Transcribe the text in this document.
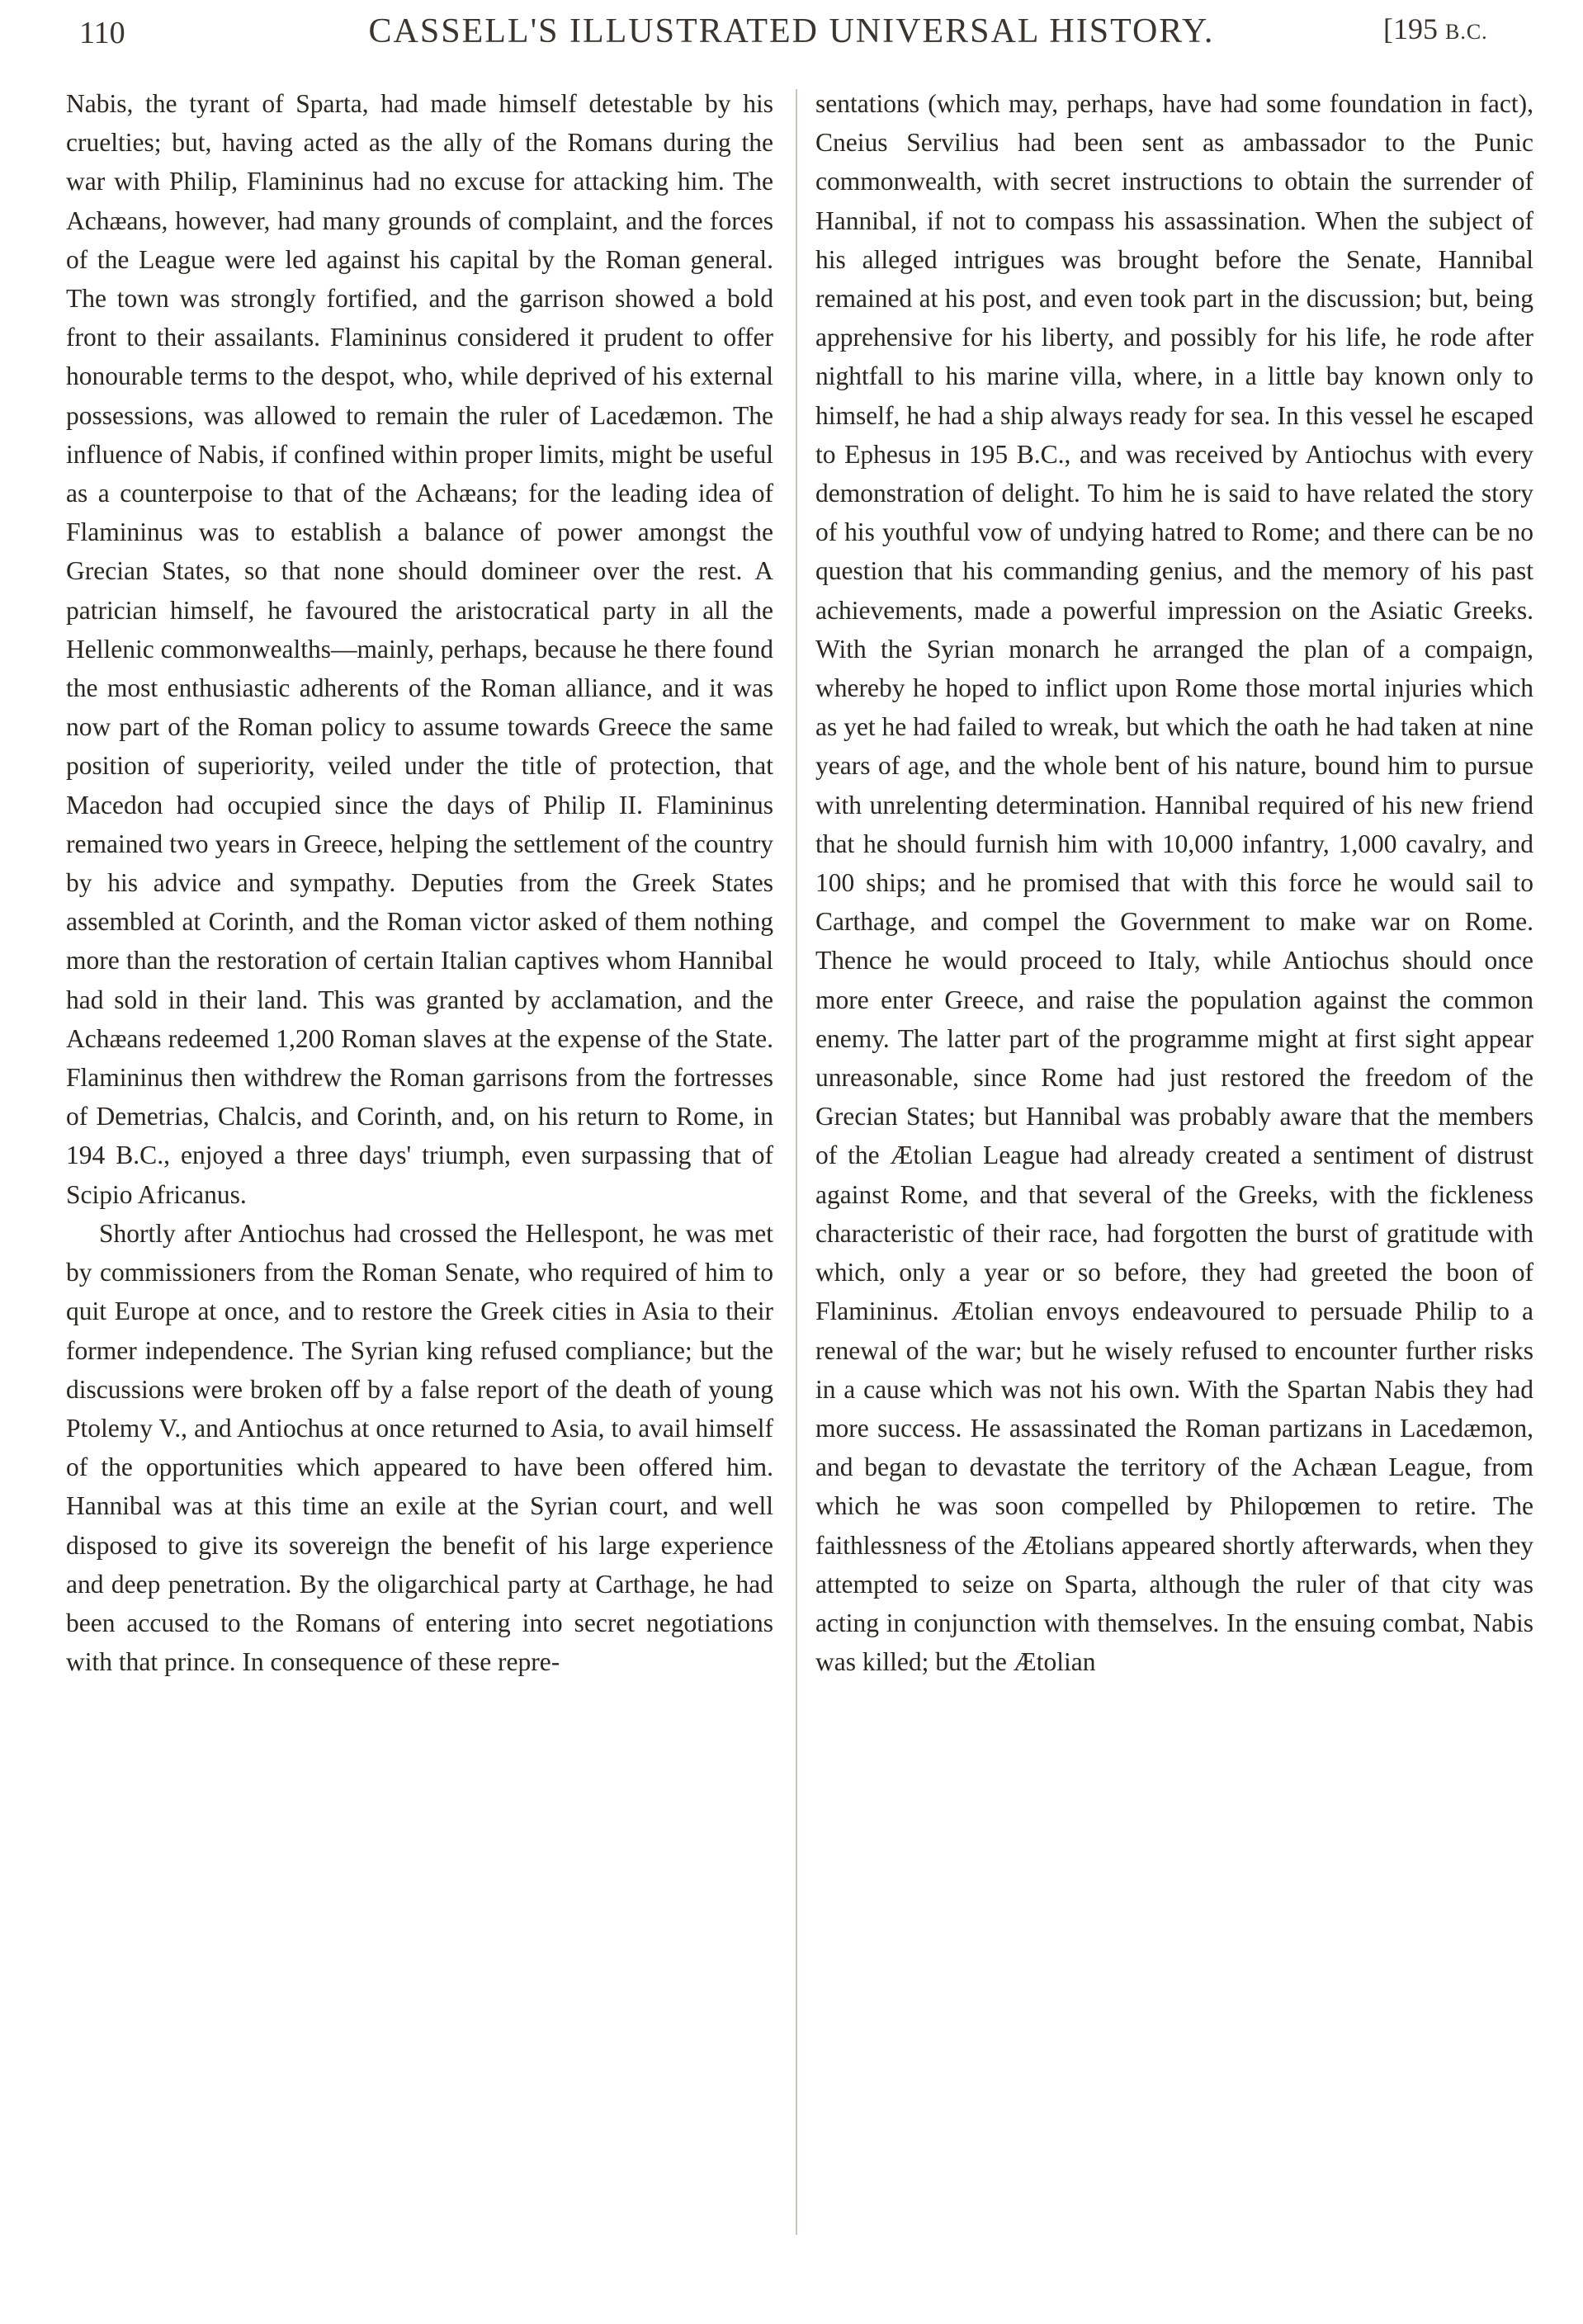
110	CASSELL'S ILLUSTRATED UNIVERSAL HISTORY.	[195 B.C.

Nabis, the tyrant of Sparta, had made himself detestable by his cruelties; but, having acted as the ally of the Romans during the war with Philip, Flamininus had no excuse for attacking him. The Achæans, however, had many grounds of complaint, and the forces of the League were led against his capital by the Roman general. The town was strongly fortified, and the garrison showed a bold front to their assailants. Flamininus considered it prudent to offer honourable terms to the despot, who, while deprived of his external possessions, was allowed to remain the ruler of Lacedæmon. The influence of Nabis, if confined within proper limits, might be useful as a counterpoise to that of the Achæans; for the leading idea of Flamininus was to establish a balance of power amongst the Grecian States, so that none should domineer over the rest. A patrician himself, he favoured the aristocratical party in all the Hellenic commonwealths—mainly, perhaps, because he there found the most enthusiastic adherents of the Roman alliance, and it was now part of the Roman policy to assume towards Greece the same position of superiority, veiled under the title of protection, that Macedon had occupied since the days of Philip II. Flamininus remained two years in Greece, helping the settlement of the country by his advice and sympathy. Deputies from the Greek States assembled at Corinth, and the Roman victor asked of them nothing more than the restoration of certain Italian captives whom Hannibal had sold in their land. This was granted by acclamation, and the Achæans redeemed 1,200 Roman slaves at the expense of the State. Flamininus then withdrew the Roman garrisons from the fortresses of Demetrias, Chalcis, and Corinth, and, on his return to Rome, in 194 B.C., enjoyed a three days' triumph, even surpassing that of Scipio Africanus.

Shortly after Antiochus had crossed the Hellespont, he was met by commissioners from the Roman Senate, who required of him to quit Europe at once, and to restore the Greek cities in Asia to their former independence. The Syrian king refused compliance; but the discussions were broken off by a false report of the death of young Ptolemy V., and Antiochus at once returned to Asia, to avail himself of the opportunities which appeared to have been offered him. Hannibal was at this time an exile at the Syrian court, and well disposed to give its sovereign the benefit of his large experience and deep penetration. By the oligarchical party at Carthage, he had been accused to the Romans of entering into secret negotiations with that prince. In consequence of these repre-

sentations (which may, perhaps, have had some foundation in fact), Cneius Servilius had been sent as ambassador to the Punic commonwealth, with secret instructions to obtain the surrender of Hannibal, if not to compass his assassination. When the subject of his alleged intrigues was brought before the Senate, Hannibal remained at his post, and even took part in the discussion; but, being apprehensive for his liberty, and possibly for his life, he rode after nightfall to his marine villa, where, in a little bay known only to himself, he had a ship always ready for sea. In this vessel he escaped to Ephesus in 195 B.C., and was received by Antiochus with every demonstration of delight. To him he is said to have related the story of his youthful vow of undying hatred to Rome; and there can be no question that his commanding genius, and the memory of his past achievements, made a powerful impression on the Asiatic Greeks. With the Syrian monarch he arranged the plan of a compaign, whereby he hoped to inflict upon Rome those mortal injuries which as yet he had failed to wreak, but which the oath he had taken at nine years of age, and the whole bent of his nature, bound him to pursue with unrelenting determination. Hannibal required of his new friend that he should furnish him with 10,000 infantry, 1,000 cavalry, and 100 ships; and he promised that with this force he would sail to Carthage, and compel the Government to make war on Rome. Thence he would proceed to Italy, while Antiochus should once more enter Greece, and raise the population against the common enemy. The latter part of the programme might at first sight appear unreasonable, since Rome had just restored the freedom of the Grecian States; but Hannibal was probably aware that the members of the Ætolian League had already created a sentiment of distrust against Rome, and that several of the Greeks, with the fickleness characteristic of their race, had forgotten the burst of gratitude with which, only a year or so before, they had greeted the boon of Flamininus. Ætolian envoys endeavoured to persuade Philip to a renewal of the war; but he wisely refused to encounter further risks in a cause which was not his own. With the Spartan Nabis they had more success. He assassinated the Roman partizans in Lacedæmon, and began to devastate the territory of the Achæan League, from which he was soon compelled by Philopœmen to retire. The faithlessness of the Ætolians appeared shortly afterwards, when they attempted to seize on Sparta, although the ruler of that city was acting in conjunction with themselves. In the ensuing combat, Nabis was killed; but the Ætolian
